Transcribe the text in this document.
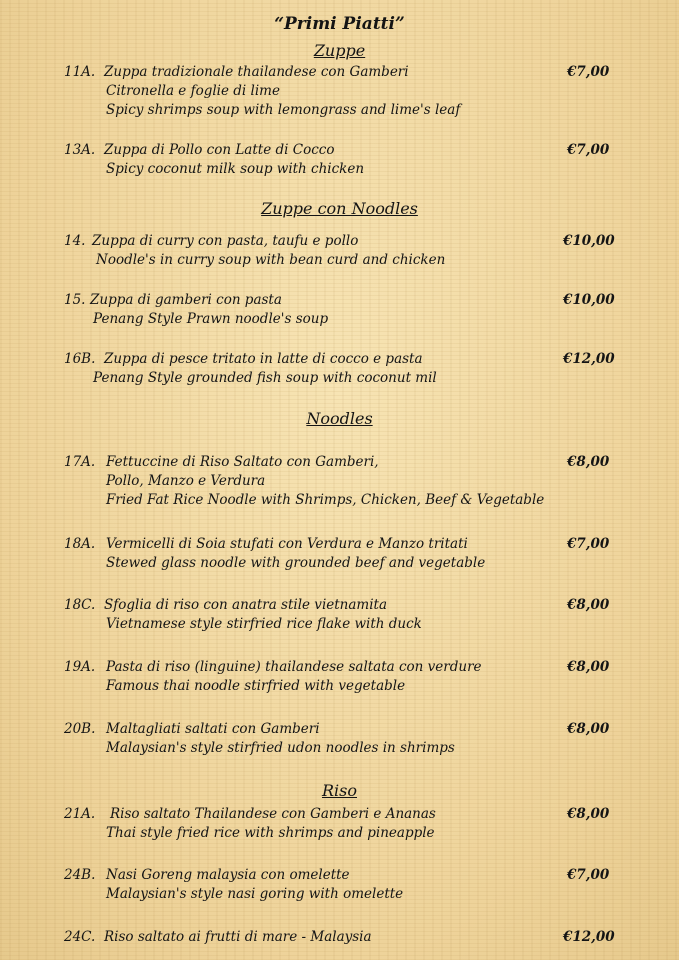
“Primi Piatti”
Zuppe
11A. Zuppa tradizionale thailandese con Gamberi	€7,00
Citronella e foglie di lime
Spicy shrimps soup with lemongrass and lime's leaf
13A. Zuppa di Pollo con Latte di Cocco	€7,00
Spicy coconut milk soup with chicken
Zuppe con Noodles
14. Zuppa di curry con pasta, taufu e pollo	€10,00
Noodle's in curry soup with bean curd and chicken
15. Zuppa di gamberi con pasta	€10,00
Penang Style Prawn noodle's soup
16B. Zuppa di pesce tritato in latte di cocco e pasta	€12,00
Penang Style grounded fish soup with coconut mil
Noodles
17A. Fettuccine di Riso Saltato con Gamberi,	€8,00
Pollo, Manzo e Verdura
Fried Fat Rice Noodle with Shrimps, Chicken, Beef & Vegetable
18A. Vermicelli di Soia stufati con Verdura e Manzo tritati	€7,00
Stewed glass noodle with grounded beef and vegetable
18C. Sfoglia di riso con anatra stile vietnamita	€8,00
Vietnamese style stirfried rice flake with duck
19A. Pasta di riso (linguine) thailandese saltata con verdure	€8,00
Famous thai noodle stirfried with vegetable
20B. Maltagliati saltati con Gamberi	€8,00
Malaysian's style stirfried udon noodles in shrimps
Riso
21A. Riso saltato Thailandese con Gamberi e Ananas	€8,00
Thai style fried rice with shrimps and pineapple
24B. Nasi Goreng malaysia con omelette	€7,00
Malaysian's style nasi goring with omelette
24C. Riso saltato ai frutti di mare - Malaysia	€12,00
